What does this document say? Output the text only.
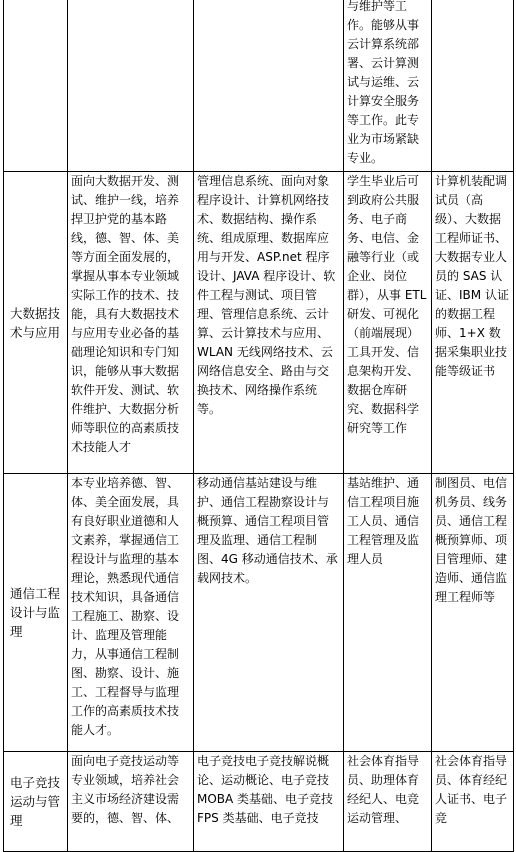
			与维护等工作。能够从事云计算系统部署、云计算测试与运维、云计算安全服务等工作。此专业为市场紧缺专业。	
大数据技术与应用	面向大数据开发、测试、维护一线，培养捍卫护党的基本路线，德、智、体、美等方面全面发展的，掌握从事本专业领域实际工作的技术、技能，具有大数据技术与应用专业必备的基础理论知识和专门知识，能够从事大数据软件开发、测试、软件维护、大数据分析师等职位的高素质技术技能人才	管理信息系统、面向对象程序设计、计算机网络技术、数据结构、操作系统、组成原理、数据库应用与开发、ASP.net 程序设计、JAVA 程序设计、软件工程与测试、项目管理、管理信息系统、云计算、云计算技术与应用、WLAN 无线网络技术、云网络信息安全、路由与交换技术、网络操作系统等。	学生毕业后可到政府公共服务、电子商务、电信、金融等行业（或企业、岗位群），从事 ETL 研发、可视化（前端展现）工具开发、信息架构开发、数据仓库研究、数据科学研究等工作	计算机装配调试员（高级）、大数据工程师证书、大数据专业人员的 SAS 认证、IBM 认证的数据工程师、1+X 数据采集职业技能等级证书
通信工程设计与监理	本专业培养德、智、体、美全面发展，具有良好职业道德和人文素养，掌握通信工程设计与监理的基本理论，熟悉现代通信技术知识，具备通信工程施工、勘察、设计、监理及管理能力，从事通信工程制图、勘察、设计、施工、工程督导与监理工作的高素质技术技能人才。	移动通信基站建设与维护、通信工程勘察设计与概预算、通信工程项目管理及监理、通信工程制图、4G 移动通信技术、承载网技术。	基站维护、通信工程项目施工人员、通信工程管理及监理人员	制图员、电信机务员、线务员、通信工程概预算师、项目管理师、建造师、通信监理工程师等
电子竞技运动与管理	面向电子竞技运动等专业领域，培养社会主义市场经济建设需要的，德、智、体、	电子竞技电子竞技解说概论、运动概论、电子竞技 MOBA 类基础、电子竞技 FPS 类基础、电子竞技	社会体育指导员、助理体育经纪人、电竞运动管理、	社会体育指导员、体育经纪人证书、电子竞
